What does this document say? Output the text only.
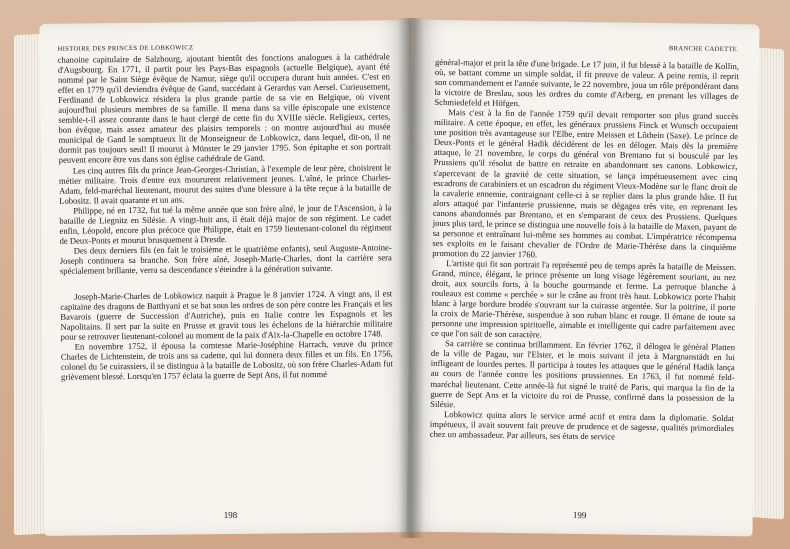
HISTOIRE DES PRINCES DE LOBKOWICZ

chanoine capitulaire de Salzbourg, ajoutant bientôt des fonctions analogues à la cathédrale d'Augsbourg. En 1771, il partit pour les Pays-Bas espagnols (actuelle Belgique), ayant été nommé par le Saint Siège évêque de Namur, siège qu'il occupera durant huit années. C'est en effet en 1779 qu'il deviendra évêque de Gand, succédant à Gerardus van Aersel. Curieusement, Ferdinand de Lobkowicz résidera la plus grande partie de sa vie en Belgique, où vivent aujourd'hui plusieurs membres de sa famille. Il mena dans sa ville épiscopale une existence semble-t-il assez courante dans le haut clergé de cette fin du XVIIIe siècle. Religieux, certes, bon évêque, mais assez amateur des plaisirs temporels : on montre aujourd'hui au musée municipal de Gand le somptueux lit de Monseigneur de Lobkowicz, dans lequel, dit-on, il ne dormit pas toujours seul! Il mourut à Münster le 29 janvier 1795. Son épitaphe et son portrait peuvent encore être vus dans son église cathédrale de Gand.

Les cinq autres fils du prince Jean-Georges-Christian, à l'exemple de leur père, choisirent le métier militaire. Trois d'entre eux moururent relativement jeunes. L'aîné, le prince Charles-Adam, feld-maréchal lieutenant, mourut des suites d'une blessure à la tête reçue à la bataille de Lobositz. Il avait quarante et un ans.

Philippe, né en 1732, fut tué la même année que son frère aîné, le jour de l'Ascension, à la bataille de Liegnitz en Silésie. A vingt-huit ans, il était déjà major de son régiment. Le cadet enfin, Léopold, encore plus précoce que Philippe, était en 1759 lieutenant-colonel du régiment de Deux-Ponts et mourut brusquement à Dresde.

Des deux derniers fils (en fait le troisième et le quatrième enfants), seul Auguste-Antoine-Joseph continuera sa branche. Son frère aîné, Joseph-Marie-Charles, dont la carrière sera spécialement brillante, verra sa descendance s'éteindre à la génération suivante.

Joseph-Marie-Charles de Lobkowicz naquit à Prague le 8 janvier 1724. A vingt ans, il est capitaine des dragons de Batthyani et se bat sous les ordres de son père contre les Français et les Bavarois (guerre de Succession d'Autriche), puis en Italie contre les Espagnols et les Napolitains. Il sert par la suite en Prusse et gravit tous les échelons de la hiérarchie militaire pour se retrouver lieutenant-colonel au moment de la paix d'Aix-la-Chapelle en octobre 1748.

En novembre 1752, il épousa la comtesse Marie-Joséphine Harrach, veuve du prince Charles de Lichtenstein, de trois ans sa cadette, qui lui donnera deux filles et un fils. En 1756, colonel du 5e cuirassiers, il se distingua à la bataille de Lobositz, où son frère Charles-Adam fut grièvement blessé. Lorsqu'en 1757 éclata la guerre de Sept Ans, il fut nommé

198

BRANCHE CADETTE

général-major et prit la tête d'une brigade. Le 17 juin, il fut blessé à la bataille de Kollin, où, se battant comme un simple soldat, il fit preuve de valeur. A peine remis, il reprit son commandement et l'année suivante, le 22 novembre, joua un rôle prépondérant dans la victoire de Breslau, sous les ordres du comte d'Arberg, en prenant les villages de Schmiedefeld et Höfgen.

Mais c'est à la fin de l'année 1759 qu'il devait remporter son plus grand succès militaire. A cette époque, en effet, les généraux prussiens Finck et Wunsch occupaient une position très avantageuse sur l'Elbe, entre Meissen et Lôthein (Saxe). Le prince de Deux-Ponts et le général Hadik décidèrent de les en déloger. Mais dès la première attaque, le 21 novembre, le corps du général von Brentano fut si bousculé par les Prussiens qu'il résolut de battre en retraite en abandonnant ses canons. Lobkowicz, s'apercevant de la gravité de cette situation, se lança impétueusement avec cinq escadrons de carabiniers et un escadron du régiment Vieux-Modène sur le flanc droit de la cavalerie ennemie, contraignant celle-ci à se replier dans la plus grande hâte. Il fut alors attaqué par l'infanterie prussienne, mais se dégagea très vite, en reprenant les canons abandonnés par Brentano, et en s'emparant de ceux des Prussiens. Quelques jours plus tard, le prince se distingua une nouvelle fois à la bataille de Maxen, payant de sa personne et entraînant lui-même ses hommes au combat. L'impératrice récompensa ses exploits en le faisant chevalier de l'Ordre de Marie-Thérèse dans la cinquième promotion du 22 janvier 1760.

L'artiste qui fit son portrait l'a représenté peu de temps après la bataille de Meissen. Grand, mince, élégant, le prince présente un long visage légèrement souriant, au nez droit, aux sourcils forts, à la bouche gourmande et ferme. La perruque blanche à rouleaux est comme « perchée » sur le crâne au front très haut. Lobkowicz porte l'habit blanc à large bordure brodée s'ouvrant sur la cuirasse argentée. Sur la poitrine, il porte la croix de Marie-Thérèse, suspendue à son ruban blanc et rouge. Il émane de toute sa personne une impression spirituelle, aimable et intelligente qui cadre parfaitement avec ce que l'on sait de son caractère.

Sa carrière se continua brillamment. En février 1762, il délogea le général Platten de la ville de Pagau, sur l'Elster, et le mois suivant il jeta à Margnanstädt en lui infligeant de lourdes pertes. Il participa à toutes les attaques que le général Hadik lança au cours de l'année contre les positions prussiennes. En 1763, il fut nommé feld-maréchal lieutenant. Cette année-là fut signé le traité de Paris, qui marqua la fin de la guerre de Sept Ans et la victoire du roi de Prusse, confirmé dans la possession de la Silésie.

Lobkowicz quitta alors le service armé actif et entra dans la diplomatie. Soldat impétueux, il avait souvent fait preuve de prudence et de sagesse, qualités primordiales chez un ambassadeur. Par ailleurs, ses états de service

199
